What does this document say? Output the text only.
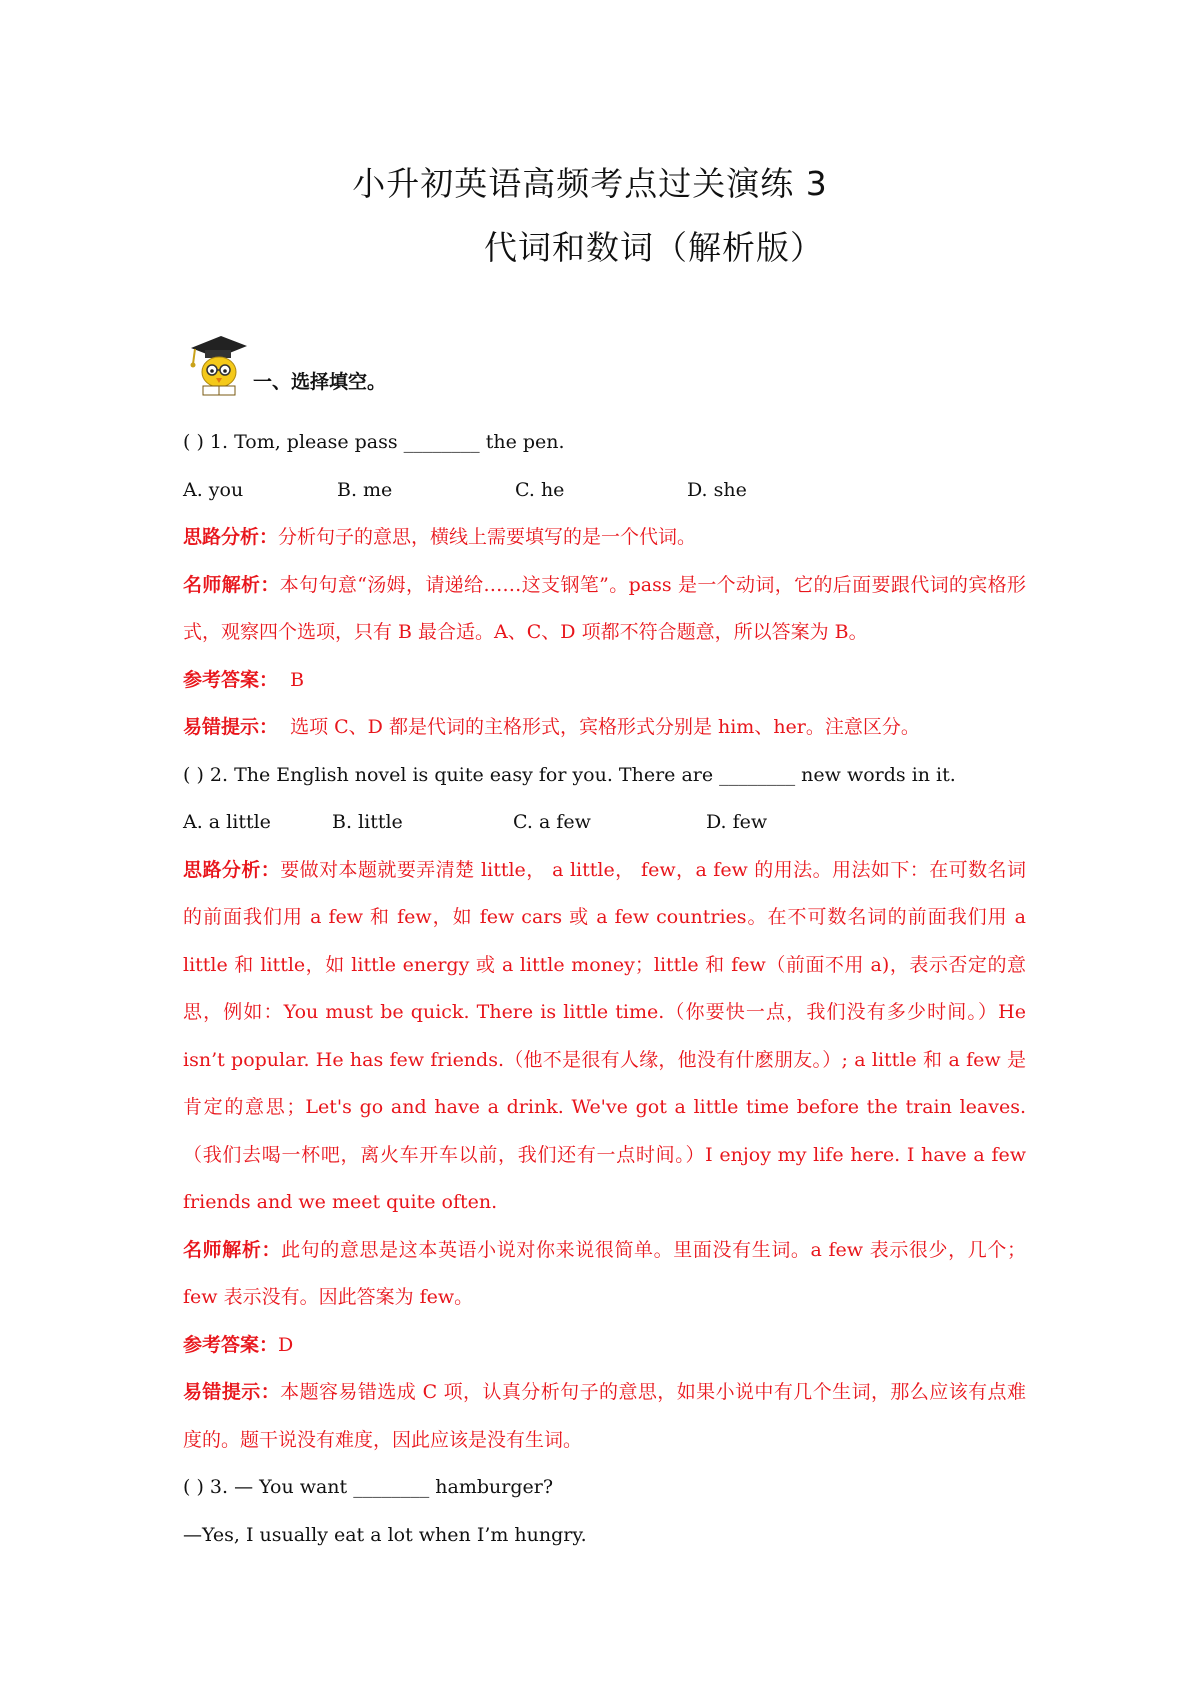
小升初英语高频考点过关演练 3
代词和数词（解析版）
一、选择填空。
( ) 1. Tom, please pass ________ the pen.
A. you	B. me	C. he	D. she
思路分析：分析句子的意思，横线上需要填写的是一个代词。
名师解析：本句句意“汤姆，请递给……这支钢笔”。pass 是一个动词，它的后面要跟代词的宾格形式，观察四个选项，只有 B 最合适。A、C、D 项都不符合题意，所以答案为 B。
参考答案：  B
易错提示：  选项 C、D 都是代词的主格形式，宾格形式分别是 him、her。注意区分。
( ) 2. The English novel is quite easy for you. There are ________ new words in it.
A. a little	B. little	C. a few	D. few
思路分析：要做对本题就要弄清楚 little， a little， few，a few 的用法。用法如下：在可数名词的前面我们用 a few 和 few，如 few cars 或 a few countries。在不可数名词的前面我们用 a little 和 little，如 little energy 或 a little money；little 和 few（前面不用 a)，表示否定的意思，例如：You must be quick. There is little time.（你要快一点，我们没有多少时间。）He isn’t popular. He has few friends.（他不是很有人缘，他没有什麽朋友。）; a little 和 a few 是肯定的意思；Let's go and have a drink. We've got a little time before the train leaves.（我们去喝一杯吧，离火车开车以前，我们还有一点时间。）I enjoy my life here. I have a few friends and we meet quite often.
名师解析：此句的意思是这本英语小说对你来说很简单。里面没有生词。a few 表示很少，几个；few 表示没有。因此答案为 few。
参考答案：D
易错提示：本题容易错选成 C 项，认真分析句子的意思，如果小说中有几个生词，那么应该有点难度的。题干说没有难度，因此应该是没有生词。
( ) 3. — You want ________ hamburger?
—Yes, I usually eat a lot when I’m hungry.
